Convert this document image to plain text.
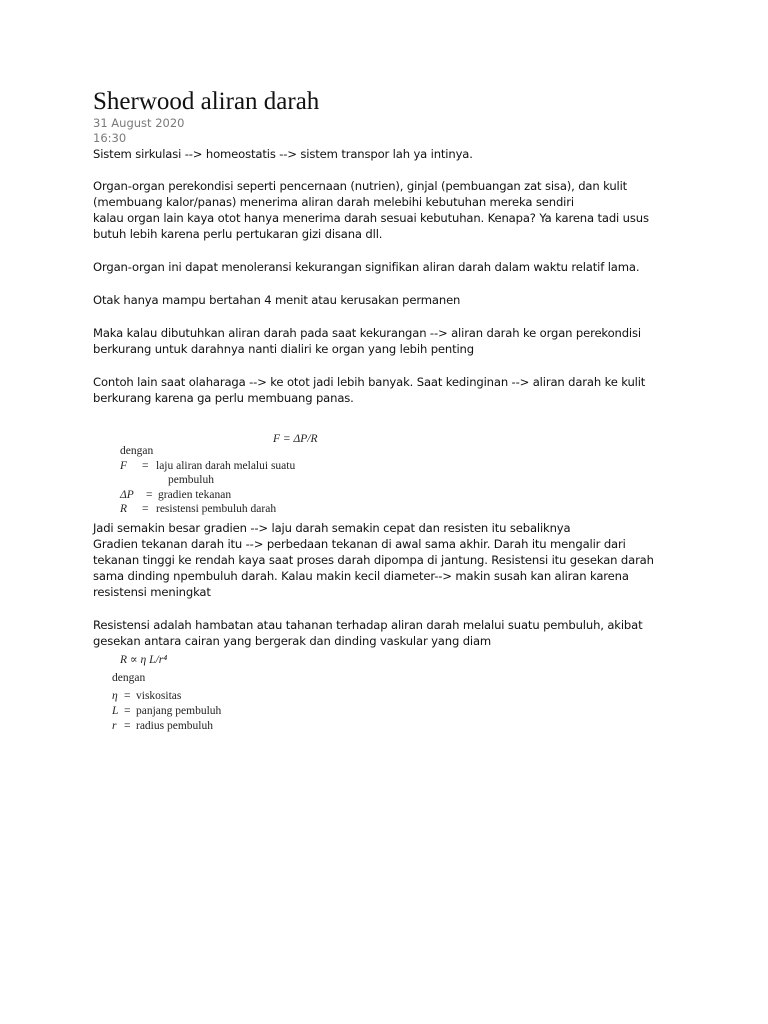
Sherwood aliran darah
31 August 2020
16:30
Sistem sirkulasi --> homeostatis --> sistem transpor lah ya intinya.
Organ-organ perekondisi seperti pencernaan (nutrien), ginjal (pembuangan zat sisa), dan kulit
(membuang kalor/panas) menerima aliran darah melebihi kebutuhan mereka sendiri
kalau organ lain kaya otot hanya menerima darah sesuai kebutuhan. Kenapa? Ya karena tadi usus
butuh lebih karena perlu pertukaran gizi disana dll.
Organ-organ ini dapat menoleransi kekurangan signifikan aliran darah dalam waktu relatif lama.
Otak hanya mampu bertahan 4 menit atau kerusakan permanen
Maka kalau dibutuhkan aliran darah pada saat kekurangan --> aliran darah ke organ perekondisi
berkurang untuk darahnya nanti dialiri ke organ yang lebih penting
Contoh lain saat olaharaga --> ke otot jadi lebih banyak. Saat kedinginan --> aliran darah ke kulit
berkurang karena ga perlu membuang panas.
F = ΔP/R
dengan
F = laju aliran darah melalui suatu
pembuluh
ΔP = gradien tekanan
R = resistensi pembuluh darah
Jadi semakin besar gradien --> laju darah semakin cepat dan resisten itu sebaliknya
Gradien tekanan darah itu --> perbedaan tekanan di awal sama akhir. Darah itu mengalir dari
tekanan tinggi ke rendah kaya saat proses darah dipompa di jantung. Resistensi itu gesekan darah
sama dinding npembuluh darah. Kalau makin kecil diameter--> makin susah kan aliran karena
resistensi meningkat
Resistensi adalah hambatan atau tahanan terhadap aliran darah melalui suatu pembuluh, akibat
gesekan antara cairan yang bergerak dan dinding vaskular yang diam
R ∝ η L/r⁴
dengan
η = viskositas
L = panjang pembuluh
r = radius pembuluh
